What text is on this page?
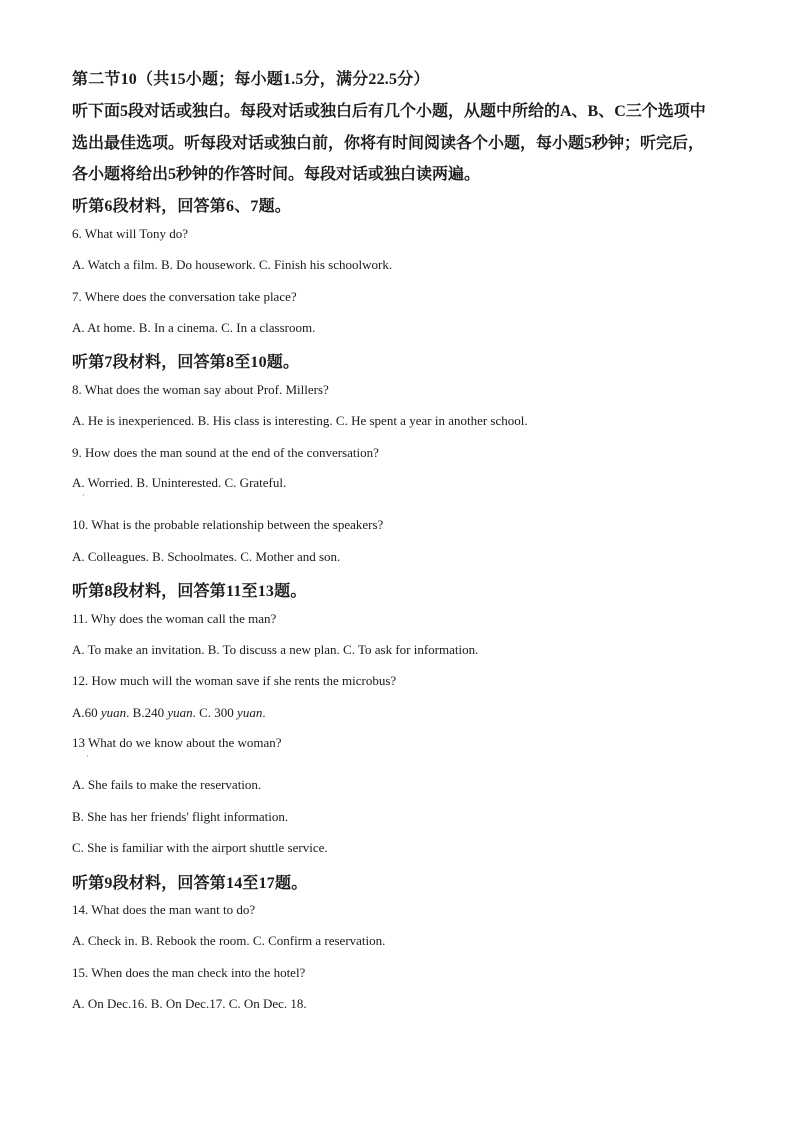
第二节10（共15小题；每小题1.5分，满分22.5分）
听下面5段对话或独白。每段对话或独白后有几个小题，从题中所给的A、B、C三个选项中
选出最佳选项。听每段对话或独白前，你将有时间阅读各个小题，每小题5秒钟；听完后，
各小题将给出5秒钟的作答时间。每段对话或独白读两遍。
听第6段材料，回答第6、7题。
6. What will Tony do?
A. Watch a film. B. Do housework. C. Finish his schoolwork.
7. Where does the conversation take place?
A. At home. B. In a cinema. C. In a classroom.
听第7段材料，回答第8至10题。
8. What does the woman say about Prof. Millers?
A. He is inexperienced. B. His class is interesting. C. He spent a year in another school.
9. How does the man sound at the end of the conversation?
A. Worried. B. Uninterested. C. Grateful.
·
10. What is the probable relationship between the speakers?
A. Colleagues. B. Schoolmates. C. Mother and son.
听第8段材料，回答第11至13题。
11. Why does the woman call the man?
A. To make an invitation. B. To discuss a new plan. C. To ask for information.
12. How much will the woman save if she rents the microbus?
A.60 yuan. B.240 yuan. C. 300 yuan.
13 What do we know about the woman?
·
A. She fails to make the reservation.
B. She has her friends' flight information.
C. She is familiar with the airport shuttle service.
听第9段材料，回答第14至17题。
14. What does the man want to do?
A. Check in. B. Rebook the room. C. Confirm a reservation.
15. When does the man check into the hotel?
A. On Dec.16. B. On Dec.17. C. On Dec. 18.
